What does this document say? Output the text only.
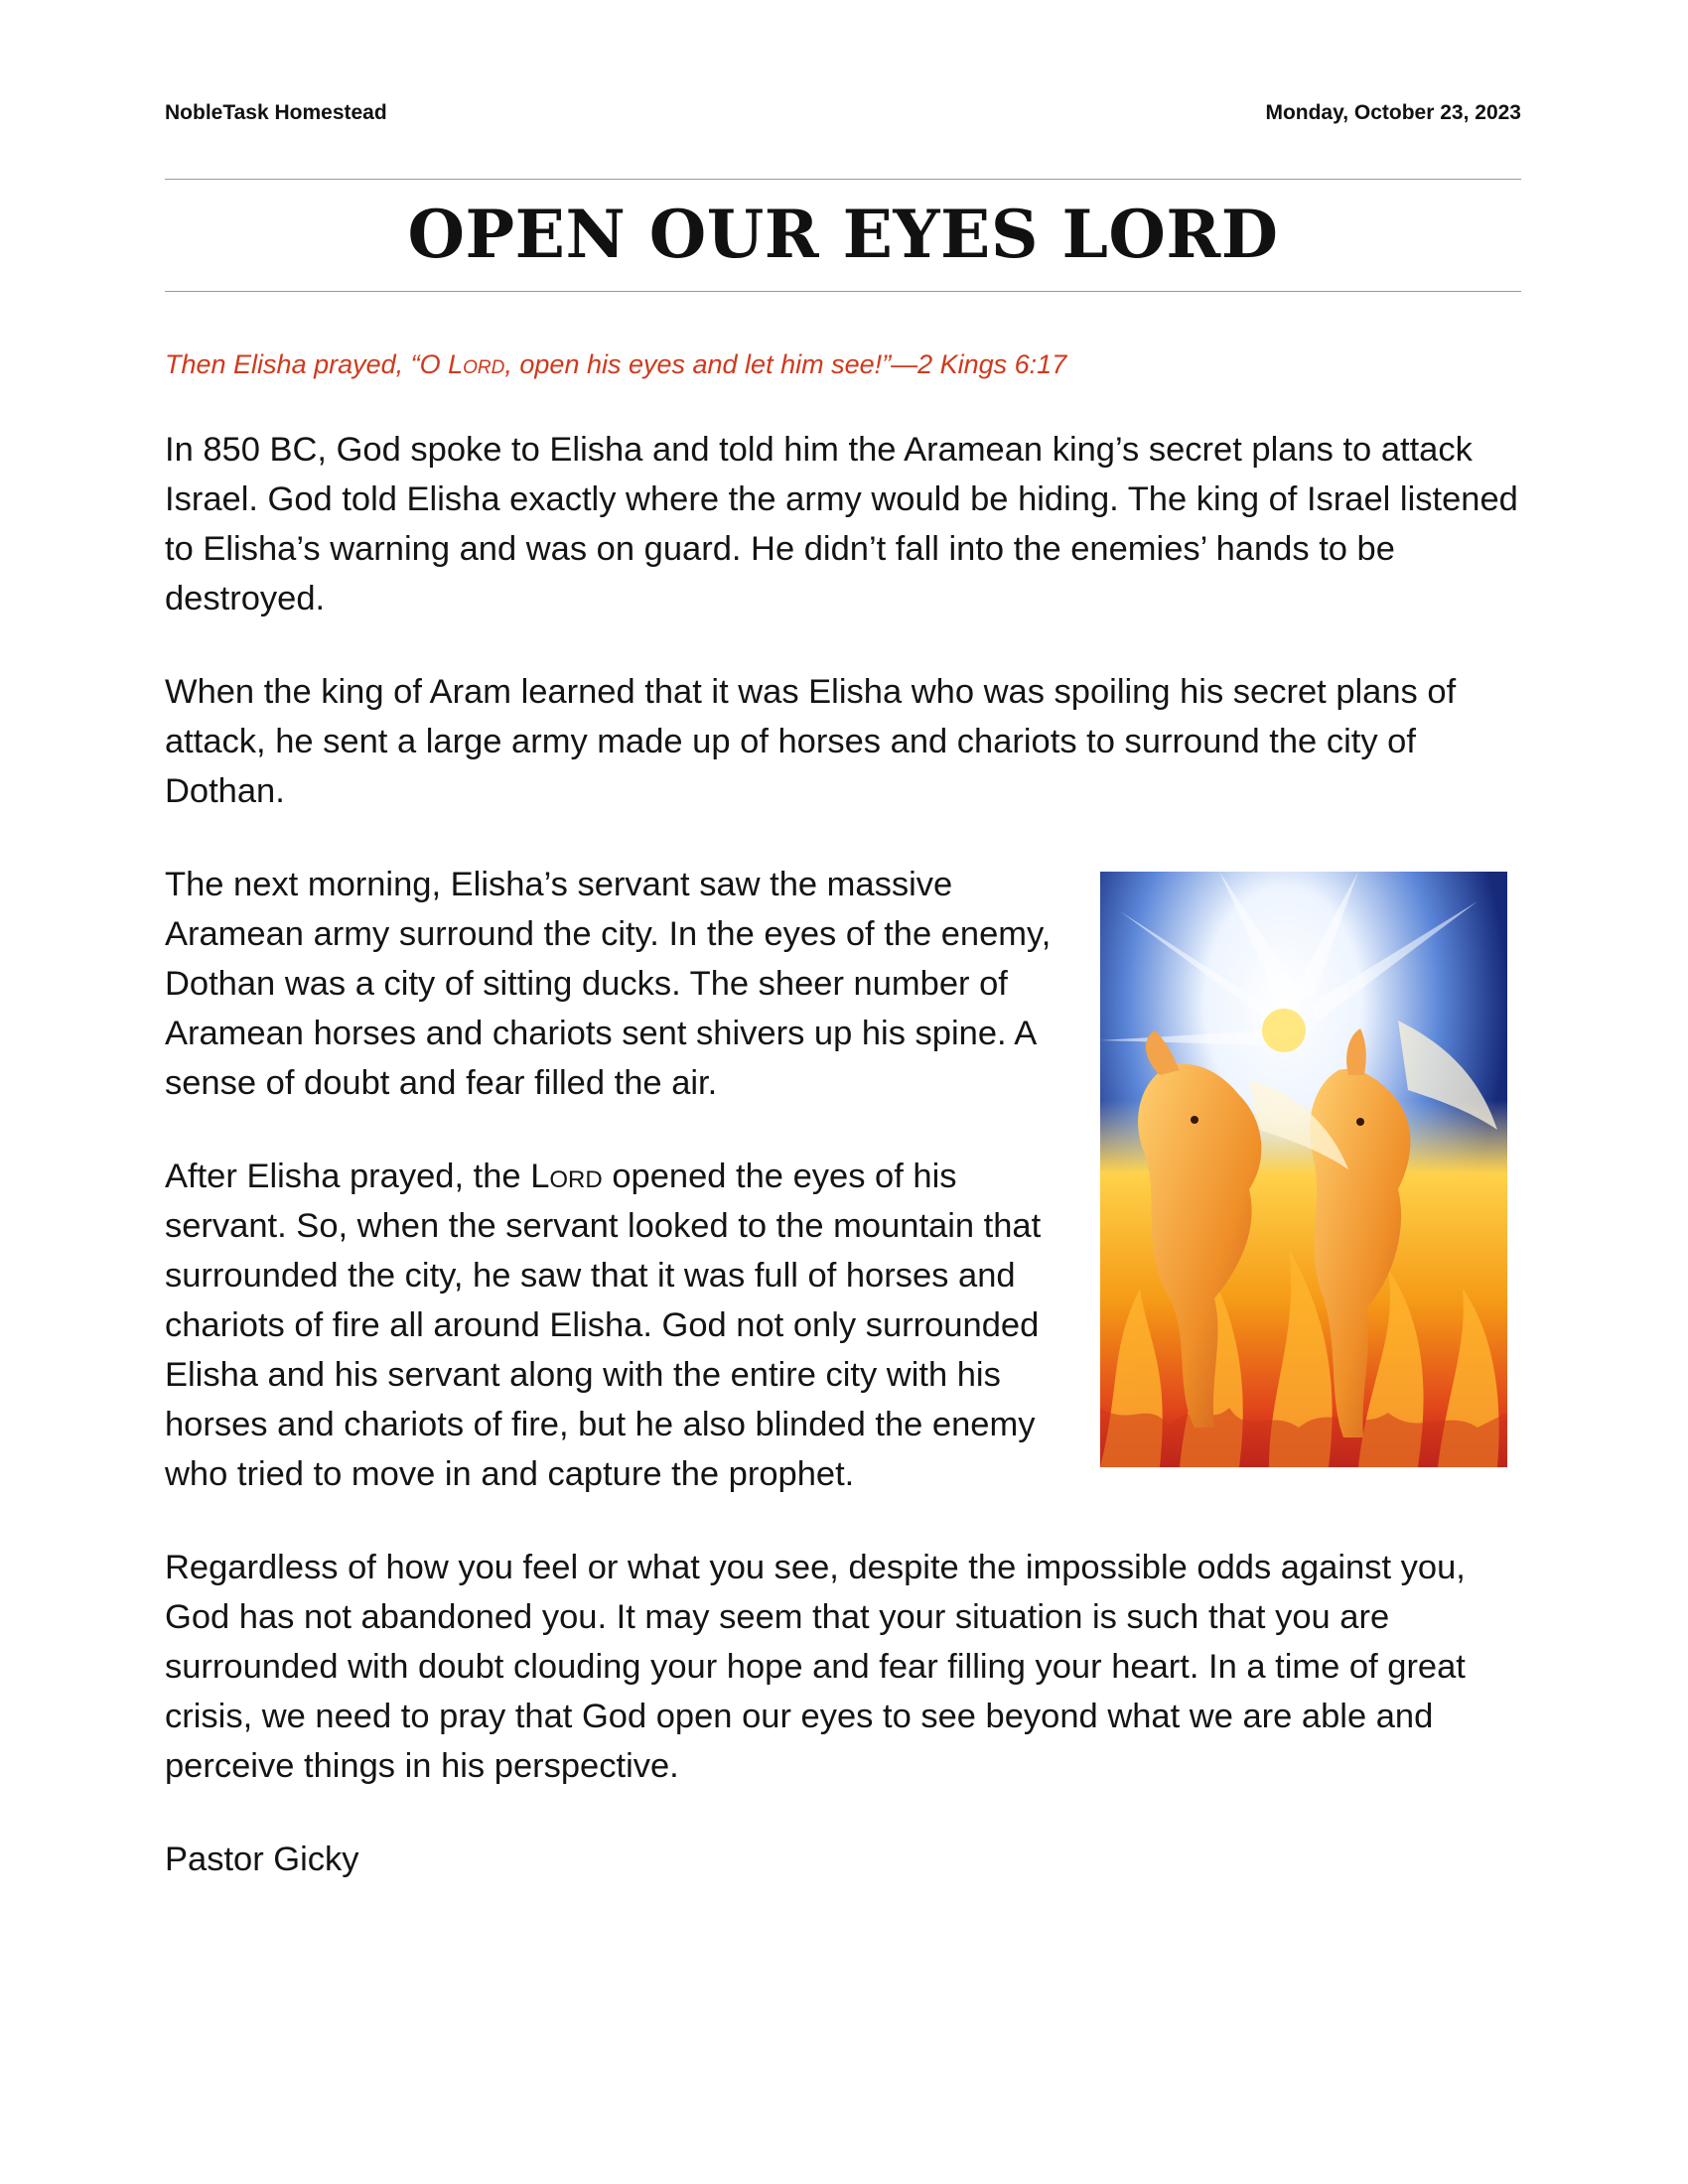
NobleTask Homestead	Monday, October 23, 2023
OPEN OUR EYES LORD
Then Elisha prayed, “O Lord, open his eyes and let him see!”—2 Kings 6:17

In 850 BC, God spoke to Elisha and told him the Aramean king’s secret plans to attack Israel. God told Elisha exactly where the army would be hiding. The king of Israel listened to Elisha’s warning and was on guard. He didn’t fall into the enemies’ hands to be destroyed.

When the king of Aram learned that it was Elisha who was spoiling his secret plans of attack, he sent a large army made up of horses and chariots to surround the city of Dothan.

The next morning, Elisha’s servant saw the massive Aramean army surround the city. In the eyes of the enemy, Dothan was a city of sitting ducks. The sheer number of Aramean horses and chariots sent shivers up his spine. A sense of doubt and fear filled the air.

After Elisha prayed, the Lord opened the eyes of his servant. So, when the servant looked to the mountain that surrounded the city, he saw that it was full of horses and chariots of fire all around Elisha. God not only surrounded Elisha and his servant along with the entire city with his horses and chariots of fire, but he also blinded the enemy who tried to move in and capture the prophet.

Regardless of how you feel or what you see, despite the impossible odds against you, God has not abandoned you. It may seem that your situation is such that you are surrounded with doubt clouding your hope and fear filling your heart. In a time of great crisis, we need to pray that God open our eyes to see beyond what we are able and perceive things in his perspective.

Pastor Gicky
